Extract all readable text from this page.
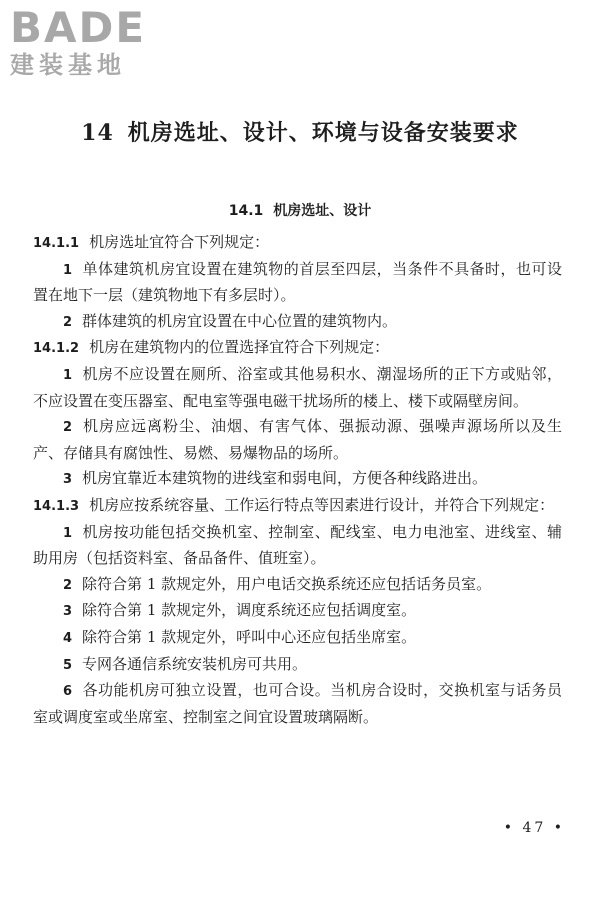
BADE
建装基地
14 机房选址、设计、环境与设备安装要求
14.1 机房选址、设计

14.1.1 机房选址宜符合下列规定：

1 单体建筑机房宜设置在建筑物的首层至四层，当条件不具备时，也可设置在地下一层（建筑物地下有多层时）。

2 群体建筑的机房宜设置在中心位置的建筑物内。

14.1.2 机房在建筑物内的位置选择宜符合下列规定：

1 机房不应设置在厕所、浴室或其他易积水、潮湿场所的正下方或贴邻，不应设置在变压器室、配电室等强电磁干扰场所的楼上、楼下或隔壁房间。

2 机房应远离粉尘、油烟、有害气体、强振动源、强噪声源场所以及生产、存储具有腐蚀性、易燃、易爆物品的场所。

3 机房宜靠近本建筑物的进线室和弱电间，方便各种线路进出。

14.1.3 机房应按系统容量、工作运行特点等因素进行设计，并符合下列规定：

1 机房按功能包括交换机室、控制室、配线室、电力电池室、进线室、辅助用房（包括资料室、备品备件、值班室）。

2 除符合第 1 款规定外，用户电话交换系统还应包括话务员室。

3 除符合第 1 款规定外，调度系统还应包括调度室。

4 除符合第 1 款规定外，呼叫中心还应包括坐席室。

5 专网各通信系统安装机房可共用。

6 各功能机房可独立设置，也可合设。当机房合设时，交换机室与话务员室或调度室或坐席室、控制室之间宜设置玻璃隔断。

• 47 •
